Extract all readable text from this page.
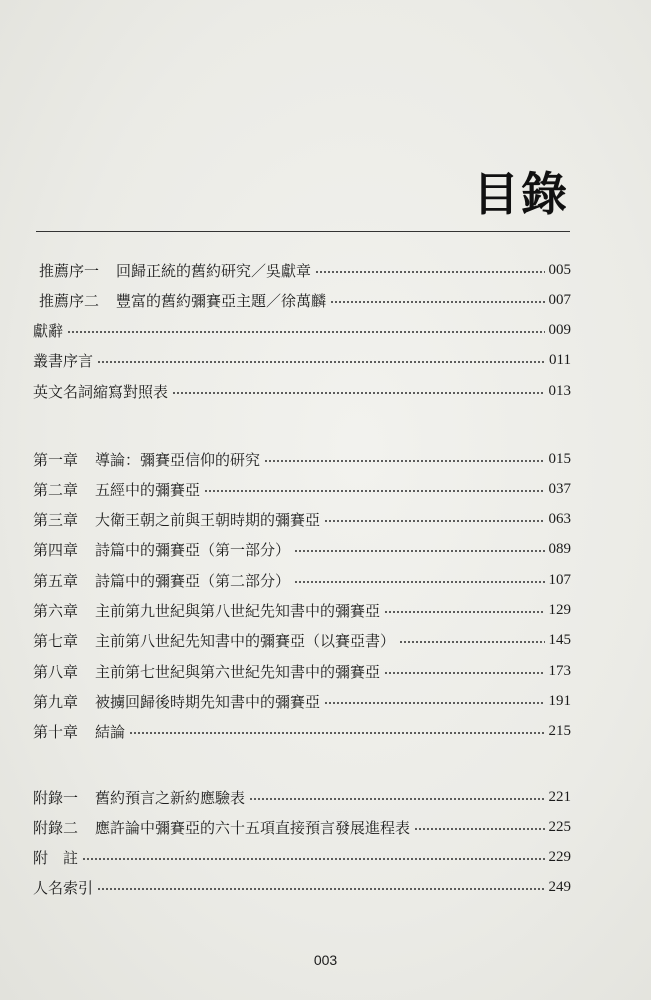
目錄
推薦序一 回歸正統的舊約研究／吳獻章	005
推薦序二 豐富的舊約彌賽亞主題／徐萬麟	007
獻辭	009
叢書序言	011
英文名詞縮寫對照表	013
第一章 導論：彌賽亞信仰的研究	015
第二章 五經中的彌賽亞	037
第三章 大衛王朝之前與王朝時期的彌賽亞	063
第四章 詩篇中的彌賽亞（第一部分）	089
第五章 詩篇中的彌賽亞（第二部分）	107
第六章 主前第九世紀與第八世紀先知書中的彌賽亞	129
第七章 主前第八世紀先知書中的彌賽亞（以賽亞書）	145
第八章 主前第七世紀與第六世紀先知書中的彌賽亞	173
第九章 被擄回歸後時期先知書中的彌賽亞	191
第十章 結論	215
附錄一 舊約預言之新約應驗表	221
附錄二 應許論中彌賽亞的六十五項直接預言發展進程表	225
附　註	229
人名索引	249
003
